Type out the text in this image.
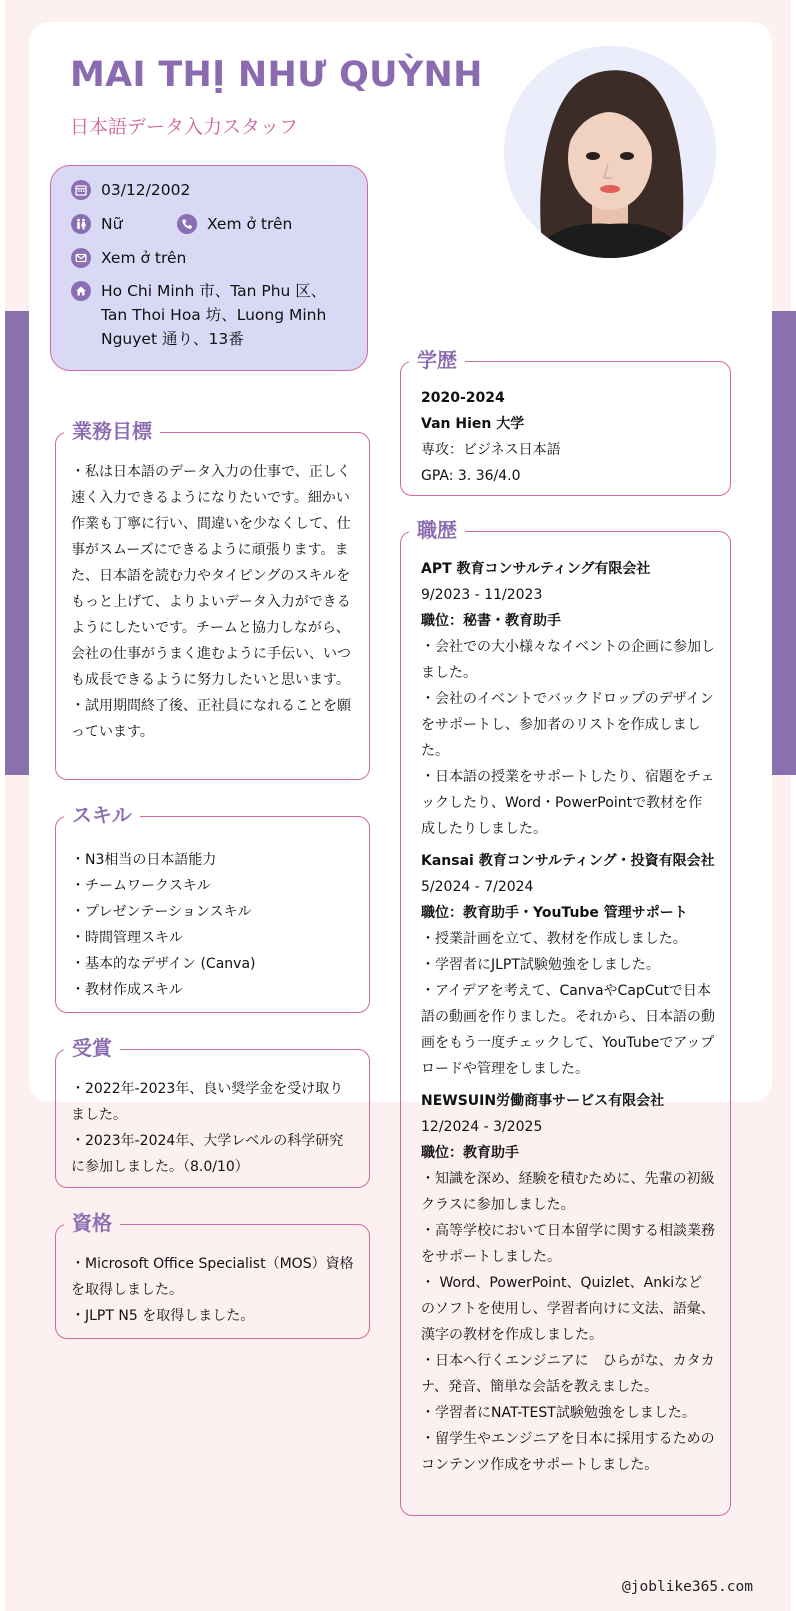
MAI THỊ NHƯ QUỲNH
日本語データ入力スタッフ
03/12/2002
Nữ	Xem ở trên
Xem ở trên
Ho Chi Minh 市、Tan Phu 区、Tan Thoi Hoa 坊、Luong Minh Nguyet 通り、13番
業務目標

・私は日本語のデータ入力の仕事で、正しく速く入力できるようになりたいです。細かい作業も丁寧に行い、間違いを少なくして、仕事がスムーズにできるように頑張ります。また、日本語を読む力やタイピングのスキルをもっと上げて、よりよいデータ入力ができるようにしたいです。チームと協力しながら、会社の仕事がうまく進むように手伝い、いつも成長できるように努力したいと思います。

・試用期間終了後、正社員になれることを願っています。

スキル

・N3相当の日本語能力

・チームワークスキル

・プレゼンテーションスキル

・時間管理スキル

・基本的なデザイン (Canva)

・教材作成スキル

受賞

・2022年-2023年、良い奨学金を受け取りました。

・2023年-2024年、大学レベルの科学研究に参加しました。（8.0/10）

資格

・Microsoft Office Specialist（MOS）資格を取得しました。

・JLPT N5 を取得しました。

学歴

2020-2024

Van Hien 大学

専攻：ビジネス日本語

GPA: 3. 36/4.0

職歴

APT 教育コンサルティング有限会社

9/2023 - 11/2023

職位：秘書・教育助手

・会社での大小様々なイベントの企画に参加しました。

・会社のイベントでバックドロップのデザインをサポートし、参加者のリストを作成しました。

・日本語の授業をサポートしたり、宿題をチェックしたり、Word・PowerPointで教材を作成したりしました。

Kansai 教育コンサルティング・投資有限会社

5/2024 - 7/2024

職位：教育助手・YouTube 管理サポート

・授業計画を立て、教材を作成しました。

・学習者にJLPT試験勉強をしました。

・アイデアを考えて、CanvaやCapCutで日本語の動画を作りました。それから、日本語の動画をもう一度チェックして、YouTubeでアップロードや管理をしました。

NEWSUIN労働商事サービス有限会社

12/2024 - 3/2025

職位：教育助手

・知識を深め、経験を積むために、先輩の初級クラスに参加しました。

・高等学校において日本留学に関する相談業務をサポートしました。

・ Word、PowerPoint、Quizlet、Ankiなどのソフトを使用し、学習者向けに文法、語彙、漢字の教材を作成しました。

・日本へ行くエンジニアに　ひらがな、カタカナ、発音、簡単な会話を教えました。

・学習者にNAT-TEST試験勉強をしました。

・留学生やエンジニアを日本に採用するためのコンテンツ作成をサポートしました。

@joblike365.com
